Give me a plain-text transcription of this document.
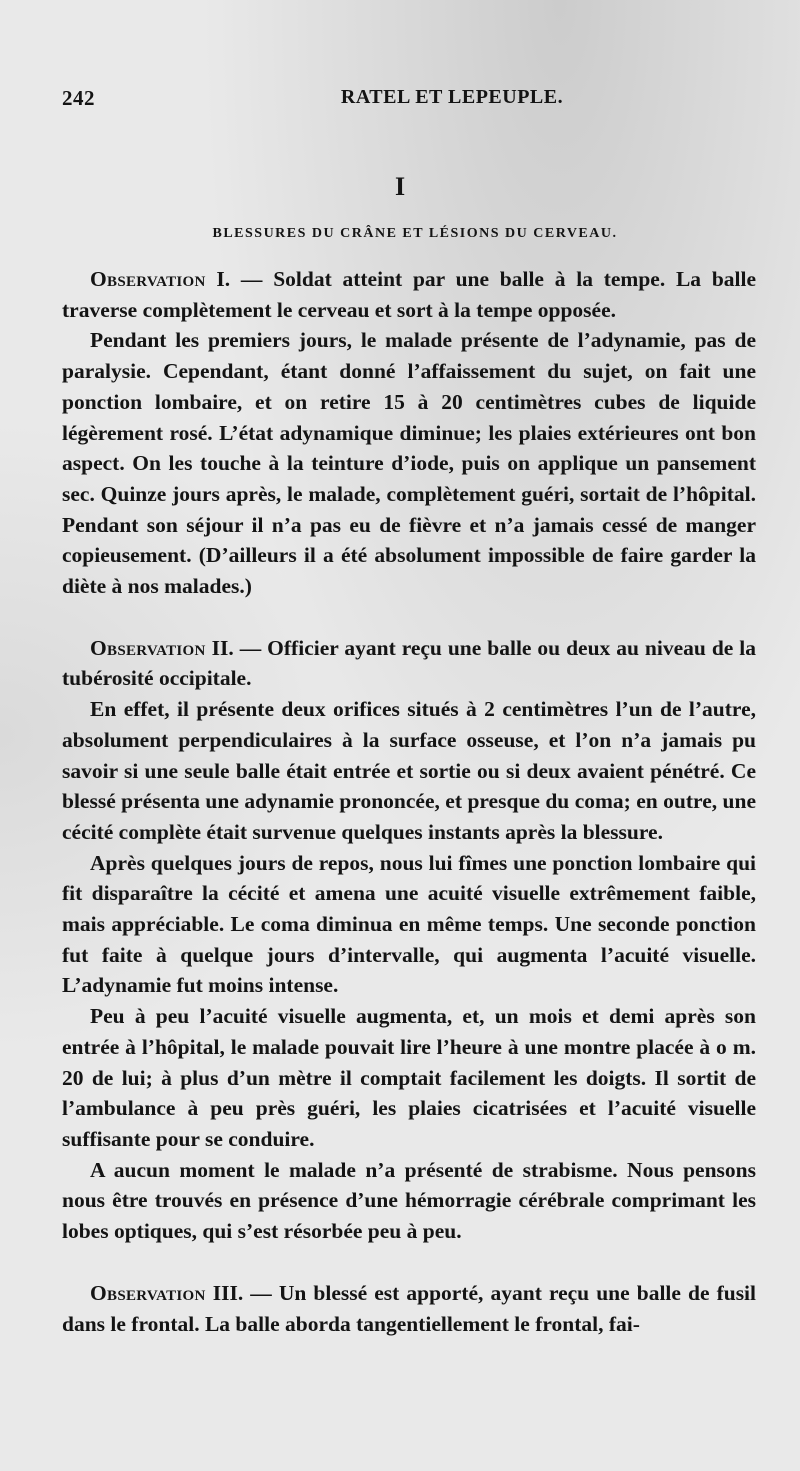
242	RATEL ET LEPEUPLE.
I
BLESSURES DU CRÂNE ET LÉSIONS DU CERVEAU.

Observation I. — Soldat atteint par une balle à la tempe. La balle traverse complètement le cerveau et sort à la tempe opposée.

Pendant les premiers jours, le malade présente de l’adynamie, pas de paralysie. Cependant, étant donné l’affaissement du sujet, on fait une ponction lombaire, et on retire 15 à 20 centimètres cubes de liquide légèrement rosé. L’état adynamique diminue; les plaies extérieures ont bon aspect. On les touche à la teinture d’iode, puis on applique un pansement sec. Quinze jours après, le malade, complètement guéri, sortait de l’hôpital. Pendant son séjour il n’a pas eu de fièvre et n’a jamais cessé de manger copieusement. (D’ailleurs il a été absolument impossible de faire garder la diète à nos malades.)

Observation II. — Officier ayant reçu une balle ou deux au niveau de la tubérosité occipitale.

En effet, il présente deux orifices situés à 2 centimètres l’un de l’autre, absolument perpendiculaires à la surface osseuse, et l’on n’a jamais pu savoir si une seule balle était entrée et sortie ou si deux avaient pénétré. Ce blessé présenta une adynamie prononcée, et presque du coma; en outre, une cécité complète était survenue quelques instants après la blessure.

Après quelques jours de repos, nous lui fîmes une ponction lombaire qui fit disparaître la cécité et amena une acuité visuelle extrêmement faible, mais appréciable. Le coma diminua en même temps. Une seconde ponction fut faite à quelque jours d’intervalle, qui augmenta l’acuité visuelle. L’adynamie fut moins intense.

Peu à peu l’acuité visuelle augmenta, et, un mois et demi après son entrée à l’hôpital, le malade pouvait lire l’heure à une montre placée à o m. 20 de lui; à plus d’un mètre il comptait facilement les doigts. Il sortit de l’ambulance à peu près guéri, les plaies cicatrisées et l’acuité visuelle suffisante pour se conduire.

A aucun moment le malade n’a présenté de strabisme. Nous pensons nous être trouvés en présence d’une hémorragie cérébrale comprimant les lobes optiques, qui s’est résorbée peu à peu.

Observation III. — Un blessé est apporté, ayant reçu une balle de fusil dans le frontal. La balle aborda tangentiellement le frontal, fai-
